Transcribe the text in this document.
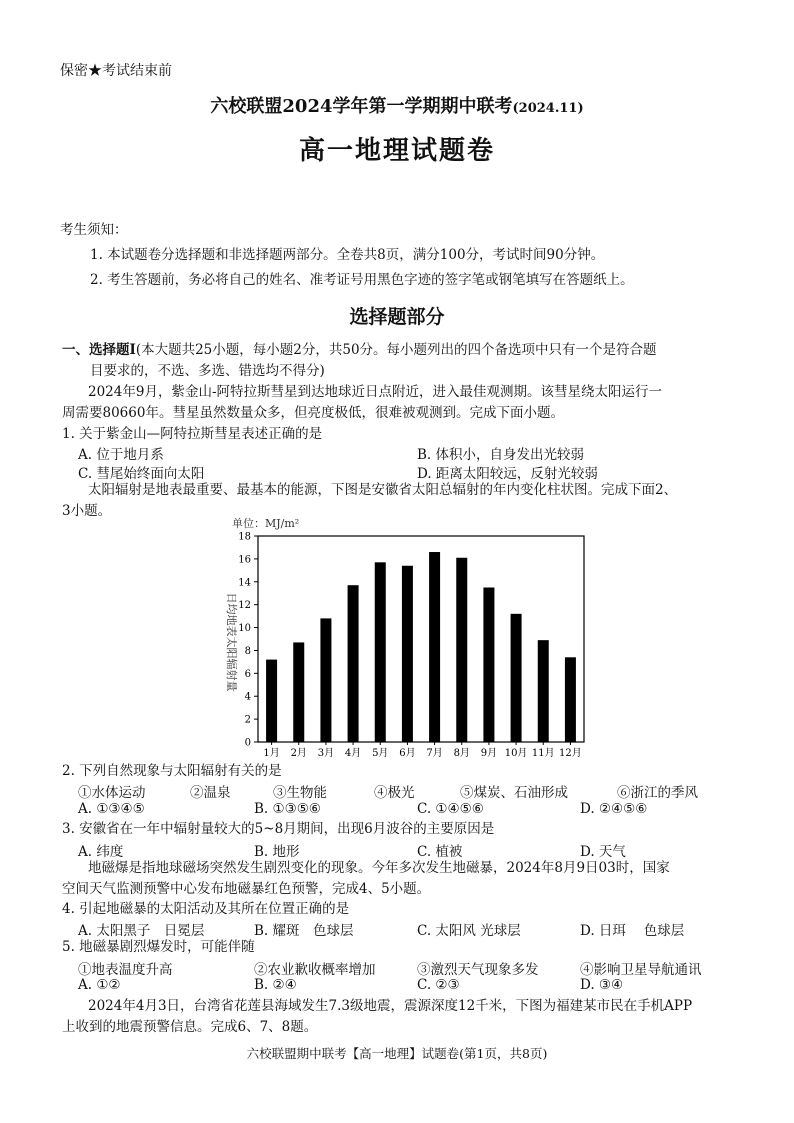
保密★考试结束前
六校联盟2024学年第一学期期中联考(2024.11)
高一地理试题卷
考生须知：
1. 本试题卷分选择题和非选择题两部分。全卷共8页，满分100分，考试时间90分钟。
2. 考生答题前，务必将自己的姓名、准考证号用黑色字迹的签字笔或钢笔填写在答题纸上。
选择题部分
一、选择题Ⅰ(本大题共25小题，每小题2分，共50分。每小题列出的四个备选项中只有一个是符合题
目要求的，不选、多选、错选均不得分)
2024年9月，紫金山-阿特拉斯彗星到达地球近日点附近，进入最佳观测期。该彗星绕太阳运行一
周需要80660年。彗星虽然数量众多，但亮度极低，很难被观测到。完成下面小题。
1. 关于紫金山—阿特拉斯彗星表述正确的是
A. 位于地月系	B. 体积小，自身发出光较弱
C. 彗尾始终面向太阳	D. 距离太阳较远，反射光较弱
太阳辐射是地表最重要、最基本的能源，下图是安徽省太阳总辐射的年内变化柱状图。完成下面2、
3小题。
单位：MJ/m²
日均地表太阳辐射量
0
2
4
6
8
10
12
14
16
18
1月 2月 3月 4月 5月 6月 7月 8月 9月 10月 11月 12月
2. 下列自然现象与太阳辐射有关的是
①水体运动	②温泉	③生物能	④极光	⑤煤炭、石油形成	⑥浙江的季风
A. ①③④⑤	B. ①③⑤⑥	C. ①④⑤⑥	D. ②④⑤⑥
3. 安徽省在一年中辐射量较大的5~8月期间，出现6月波谷的主要原因是
A. 纬度	B. 地形	C. 植被	D. 天气
地磁爆是指地球磁场突然发生剧烈变化的现象。今年多次发生地磁暴，2024年8月9日03时，国家
空间天气监测预警中心发布地磁暴红色预警，完成4、5小题。
4. 引起地磁暴的太阳活动及其所在位置正确的是
A. 太阳黑子　日冕层	B. 耀斑　色球层	C. 太阳风 光球层	D. 日珥　 色球层
5. 地磁暴剧烈爆发时，可能伴随
①地表温度升高	②农业歉收概率增加	③激烈天气现象多发	④影响卫星导航通讯
A. ①②	B. ②④	C. ②③	D. ③④
2024年4月3日，台湾省花莲县海域发生7.3级地震，震源深度12千米，下图为福建某市民在手机APP
上收到的地震预警信息。完成6、7、8题。
六校联盟期中联考【高一地理】试题卷(第1页，共8页)
